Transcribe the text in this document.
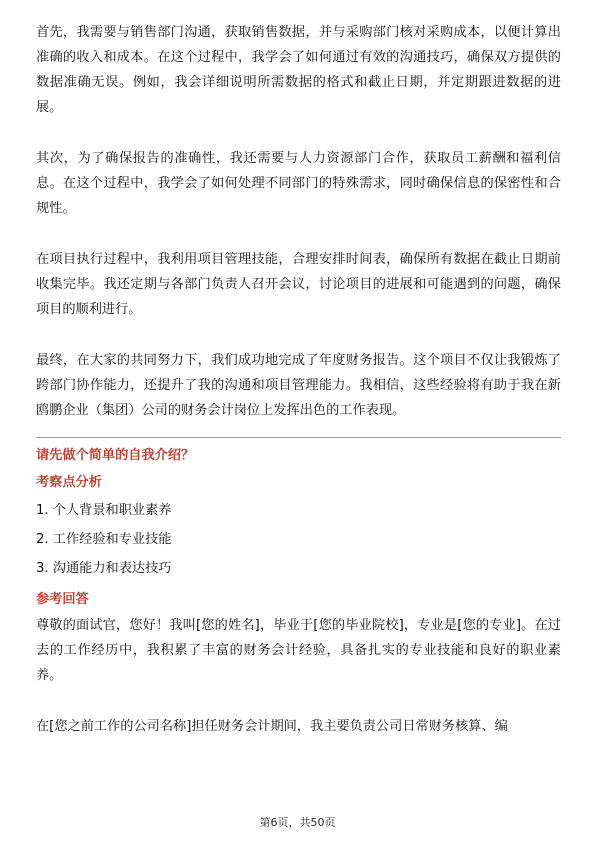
首先，我需要与销售部门沟通，获取销售数据，并与采购部门核对采购成本，以便计算出准确的收入和成本。在这个过程中，我学会了如何通过有效的沟通技巧，确保双方提供的数据准确无误。例如，我会详细说明所需数据的格式和截止日期，并定期跟进数据的进展。

其次，为了确保报告的准确性，我还需要与人力资源部门合作，获取员工薪酬和福利信息。在这个过程中，我学会了如何处理不同部门的特殊需求，同时确保信息的保密性和合规性。

在项目执行过程中，我利用项目管理技能，合理安排时间表，确保所有数据在截止日期前收集完毕。我还定期与各部门负责人召开会议，讨论项目的进展和可能遇到的问题，确保项目的顺利进行。

最终，在大家的共同努力下，我们成功地完成了年度财务报告。这个项目不仅让我锻炼了跨部门协作能力，还提升了我的沟通和项目管理能力。我相信，这些经验将有助于我在新鸥鹏企业（集团）公司的财务会计岗位上发挥出色的工作表现。

请先做个简单的自我介绍？

考察点分析

1. 个人背景和职业素养

2. 工作经验和专业技能

3. 沟通能力和表达技巧

参考回答

尊敬的面试官，您好！我叫[您的姓名]，毕业于[您的毕业院校]，专业是[您的专业]。在过去的工作经历中，我积累了丰富的财务会计经验，具备扎实的专业技能和良好的职业素养。

在[您之前工作的公司名称]担任财务会计期间，我主要负责公司日常财务核算、编

第6页，共50页
